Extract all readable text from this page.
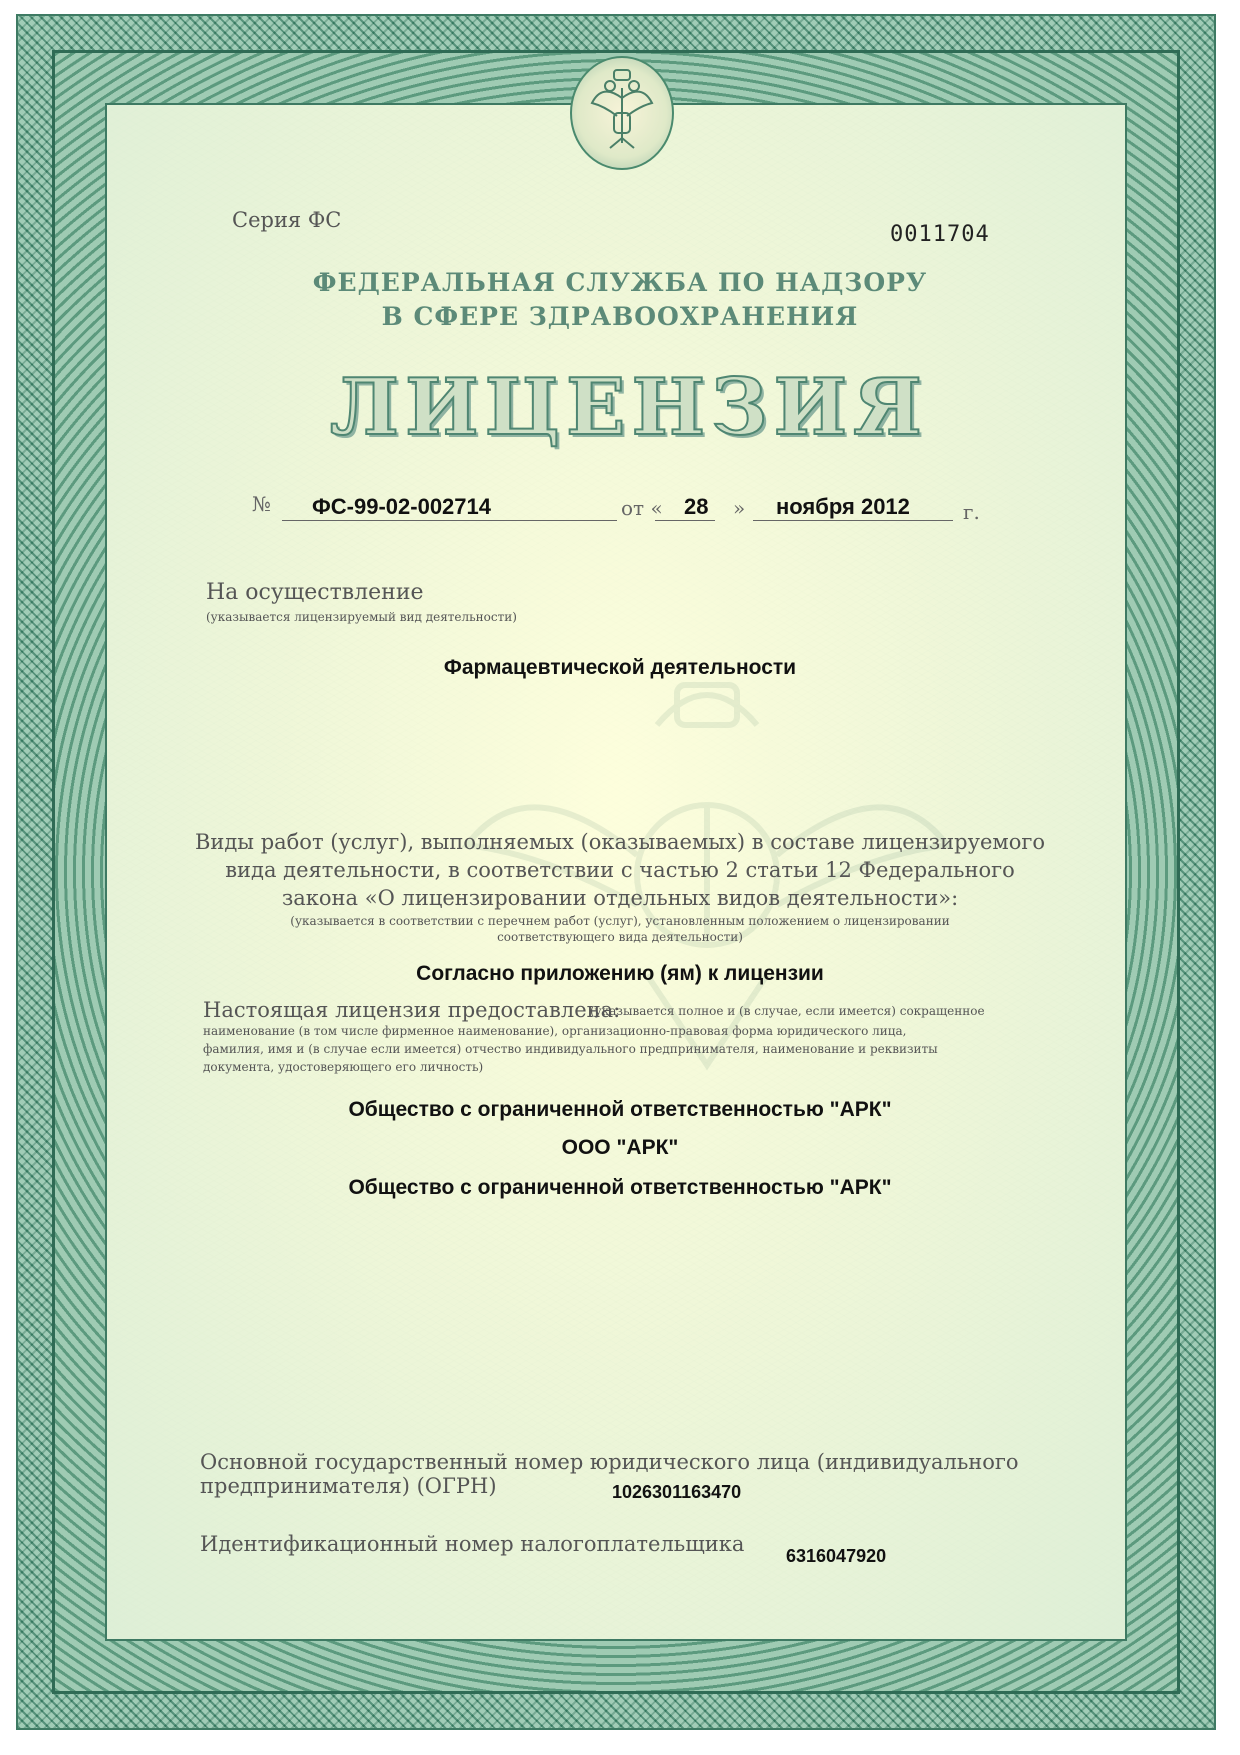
Серия ФС
0011704
ФЕДЕРАЛЬНАЯ СЛУЖБА ПО НАДЗОРУ
В СФЕРЕ ЗДРАВООХРАНЕНИЯ
ЛИЦЕНЗИЯ
№ ФС-99-02-002714	от « 28 » ноября 2012	г.
На осуществление
(указывается лицензируемый вид деятельности)
Фармацевтической деятельности
Виды работ (услуг), выполняемых (оказываемых) в составе лицензируемого
вида деятельности, в соответствии с частью 2 статьи 12 Федерального
закона «О лицензировании отдельных видов деятельности»:
(указывается в соответствии с перечнем работ (услуг), установленным положением о лицензировании
соответствующего вида деятельности)
Согласно приложению (ям) к лицензии
Настоящая лицензия предоставлена:
(указывается полное и (в случае, если имеется) сокращенное
наименование (в том числе фирменное наименование), организационно-правовая форма юридического лица,
фамилия, имя и (в случае если имеется) отчество индивидуального предпринимателя, наименование и реквизиты
документа, удостоверяющего его личность)
Общество с ограниченной ответственностью "АРК"
ООО "АРК"
Общество с ограниченной ответственностью "АРК"
Основной государственный номер юридического лица (индивидуального
предпринимателя) (ОГРН)	1026301163470
Идентификационный номер налогоплательщика 6316047920
